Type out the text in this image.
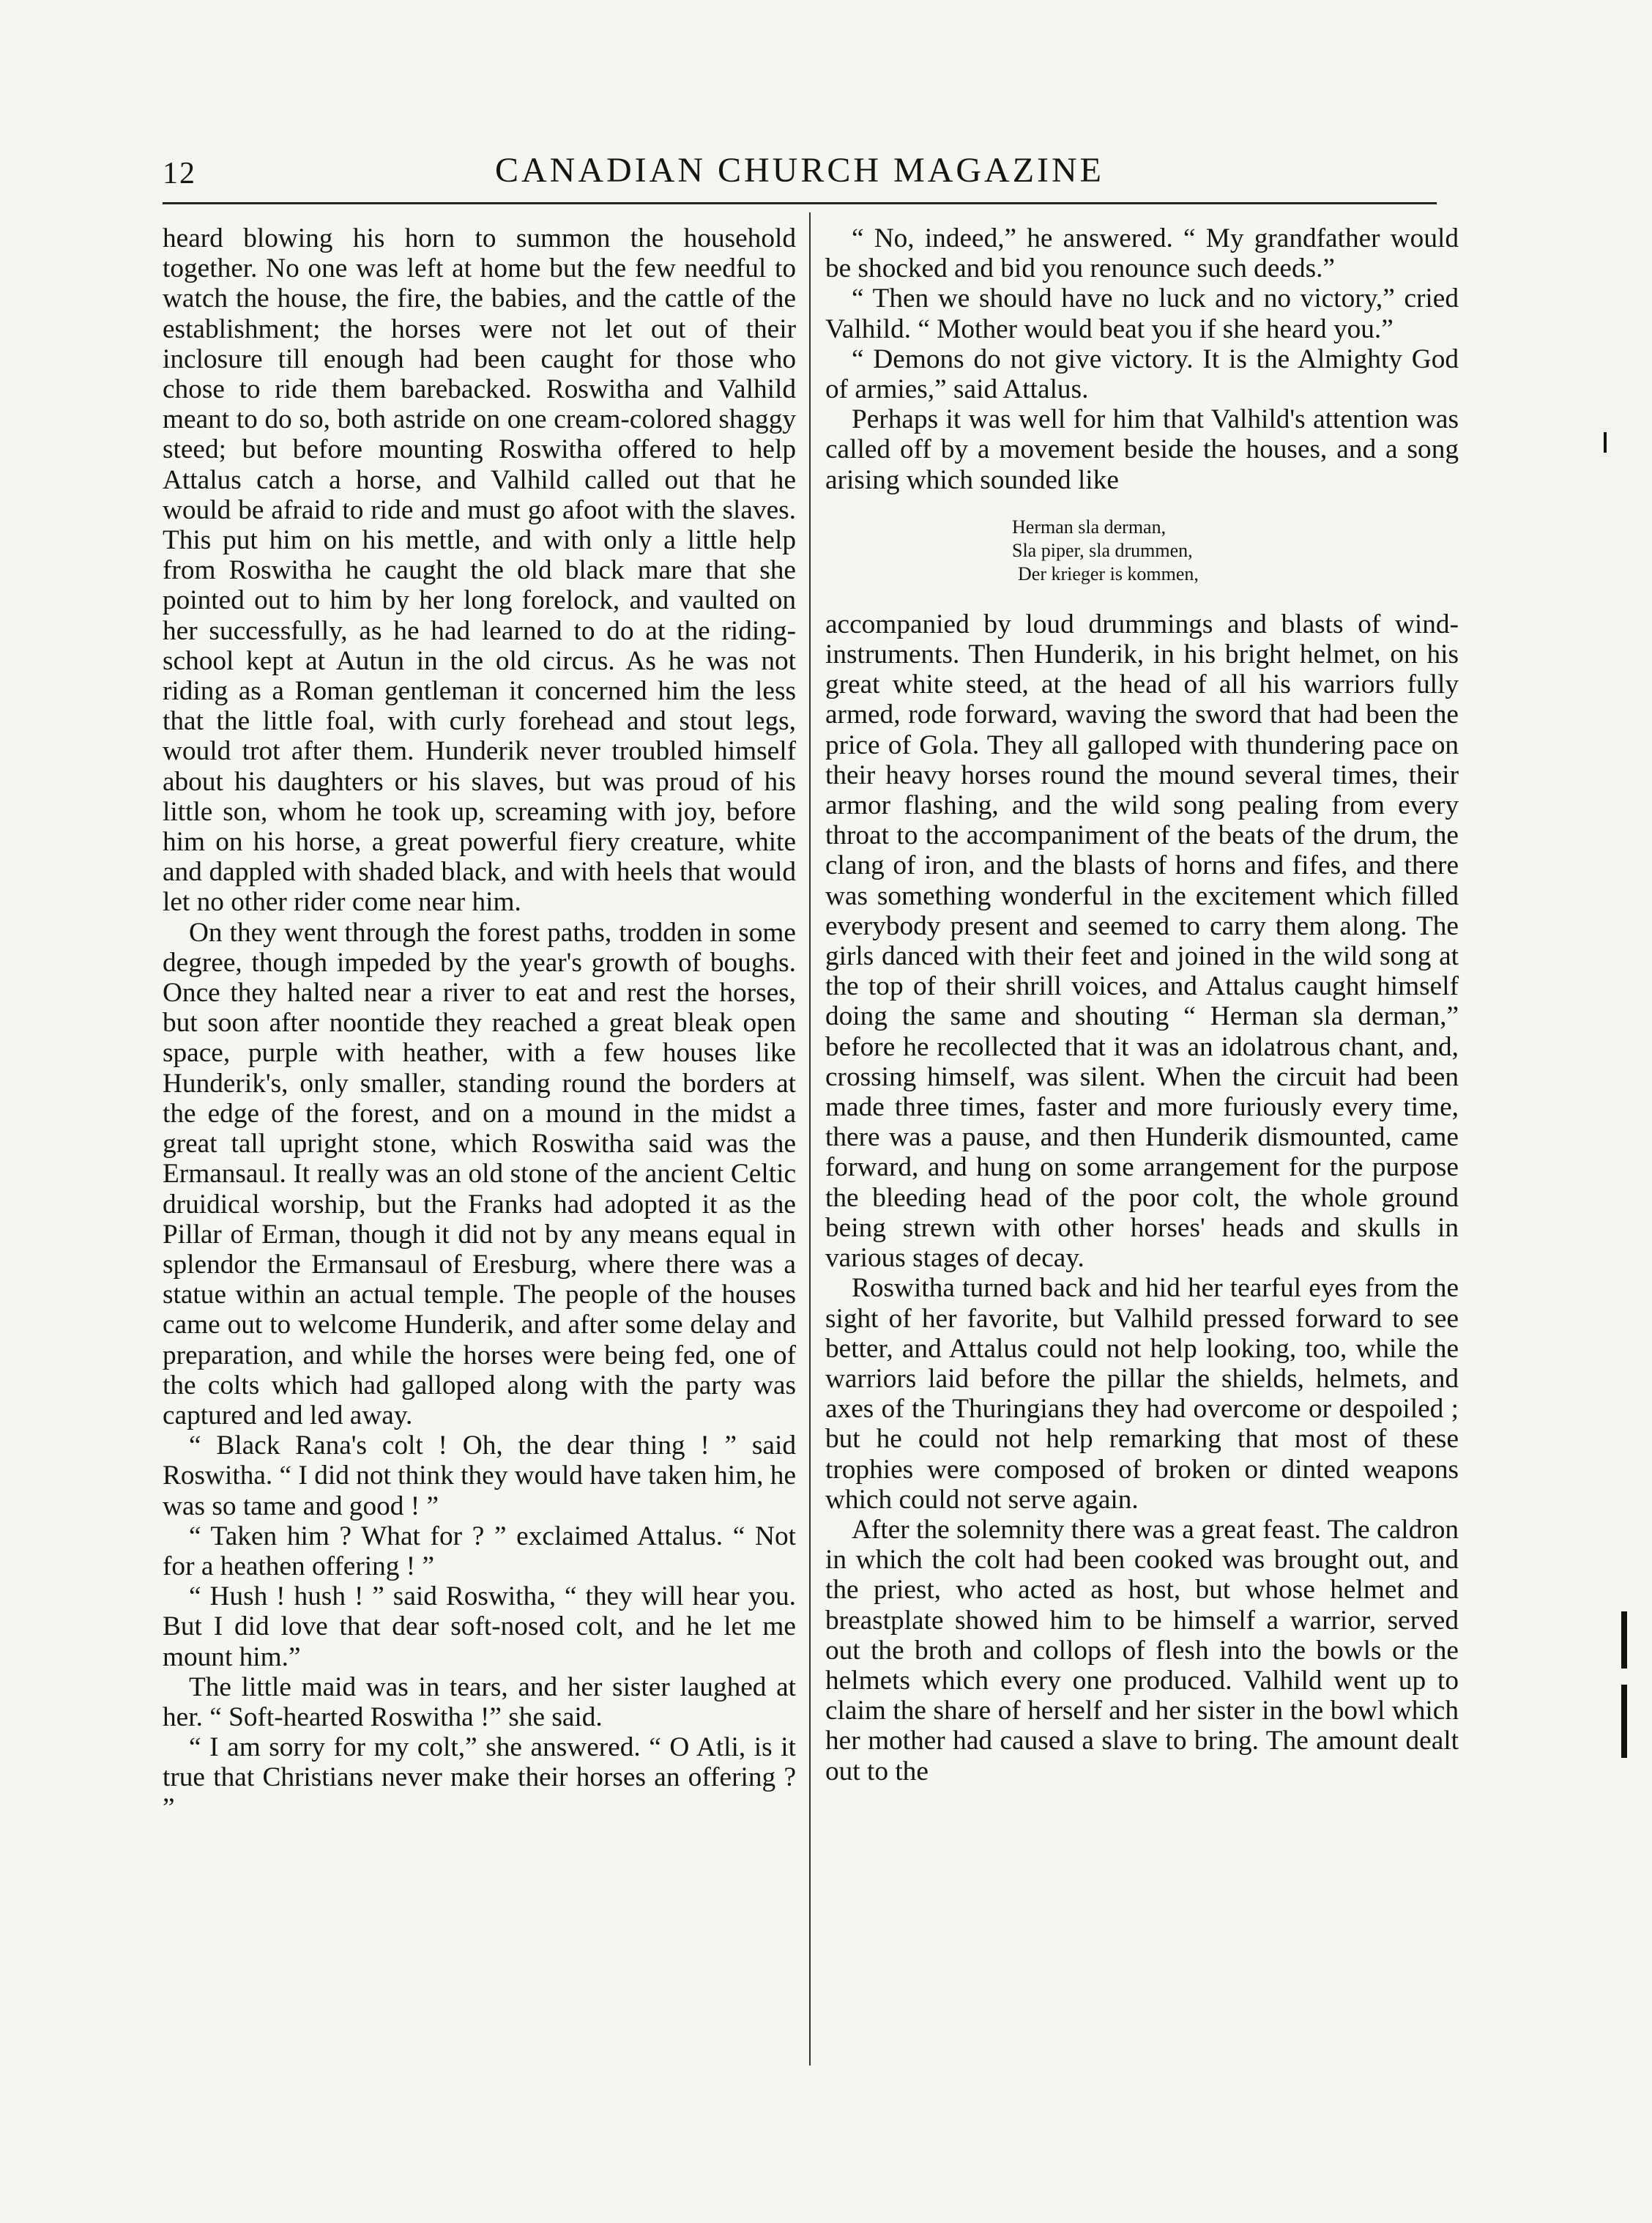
12	CANADIAN CHURCH MAGAZINE

heard blowing his horn to summon the household together. No one was left at home but the few needful to watch the house, the fire, the babies, and the cattle of the establishment; the horses were not let out of their inclosure till enough had been caught for those who chose to ride them barebacked. Roswitha and Valhild meant to do so, both astride on one cream-colored shaggy steed; but before mounting Roswitha offered to help Attalus catch a horse, and Valhild called out that he would be afraid to ride and must go afoot with the slaves. This put him on his mettle, and with only a little help from Roswitha he caught the old black mare that she pointed out to him by her long forelock, and vaulted on her successfully, as he had learned to do at the riding-school kept at Autun in the old circus. As he was not riding as a Roman gentleman it concerned him the less that the little foal, with curly forehead and stout legs, would trot after them. Hunderik never troubled himself about his daughters or his slaves, but was proud of his little son, whom he took up, screaming with joy, before him on his horse, a great powerful fiery creature, white and dappled with shaded black, and with heels that would let no other rider come near him.

On they went through the forest paths, trodden in some degree, though impeded by the year's growth of boughs. Once they halted near a river to eat and rest the horses, but soon after noontide they reached a great bleak open space, purple with heather, with a few houses like Hunderik's, only smaller, standing round the borders at the edge of the forest, and on a mound in the midst a great tall upright stone, which Roswitha said was the Ermansaul. It really was an old stone of the ancient Celtic druidical worship, but the Franks had adopted it as the Pillar of Erman, though it did not by any means equal in splendor the Ermansaul of Eresburg, where there was a statue within an actual temple. The people of the houses came out to welcome Hunderik, and after some delay and preparation, and while the horses were being fed, one of the colts which had galloped along with the party was captured and led away.

“ Black Rana's colt ! Oh, the dear thing ! ” said Roswitha. “ I did not think they would have taken him, he was so tame and good ! ”

“ Taken him ? What for ? ” exclaimed Attalus. “ Not for a heathen offering ! ”

“ Hush ! hush ! ” said Roswitha, “ they will hear you. But I did love that dear soft-nosed colt, and he let me mount him.”

The little maid was in tears, and her sister laughed at her. “ Soft-hearted Roswitha !” she said.

“ I am sorry for my colt,” she answered. “ O Atli, is it true that Christians never make their horses an offering ? ”

“ No, indeed,” he answered. “ My grandfather would be shocked and bid you renounce such deeds.”

“ Then we should have no luck and no victory,” cried Valhild. “ Mother would beat you if she heard you.”

“ Demons do not give victory. It is the Almighty God of armies,” said Attalus.

Perhaps it was well for him that Valhild's attention was called off by a movement beside the houses, and a song arising which sounded like

Herman sla derman,
Sla piper, sla drummen,
Der krieger is kommen,

accompanied by loud drummings and blasts of wind-instruments. Then Hunderik, in his bright helmet, on his great white steed, at the head of all his warriors fully armed, rode forward, waving the sword that had been the price of Gola. They all galloped with thundering pace on their heavy horses round the mound several times, their armor flashing, and the wild song pealing from every throat to the accompaniment of the beats of the drum, the clang of iron, and the blasts of horns and fifes, and there was something wonderful in the excitement which filled everybody present and seemed to carry them along. The girls danced with their feet and joined in the wild song at the top of their shrill voices, and Attalus caught himself doing the same and shouting “ Herman sla derman,” before he recollected that it was an idolatrous chant, and, crossing himself, was silent. When the circuit had been made three times, faster and more furiously every time, there was a pause, and then Hunderik dismounted, came forward, and hung on some arrangement for the purpose the bleeding head of the poor colt, the whole ground being strewn with other horses' heads and skulls in various stages of decay.

Roswitha turned back and hid her tearful eyes from the sight of her favorite, but Valhild pressed forward to see better, and Attalus could not help looking, too, while the warriors laid before the pillar the shields, helmets, and axes of the Thuringians they had overcome or despoiled ; but he could not help remarking that most of these trophies were composed of broken or dinted weapons which could not serve again.

After the solemnity there was a great feast. The caldron in which the colt had been cooked was brought out, and the priest, who acted as host, but whose helmet and breastplate showed him to be himself a warrior, served out the broth and collops of flesh into the bowls or the helmets which every one produced. Valhild went up to claim the share of herself and her sister in the bowl which her mother had caused a slave to bring. The amount dealt out to the
